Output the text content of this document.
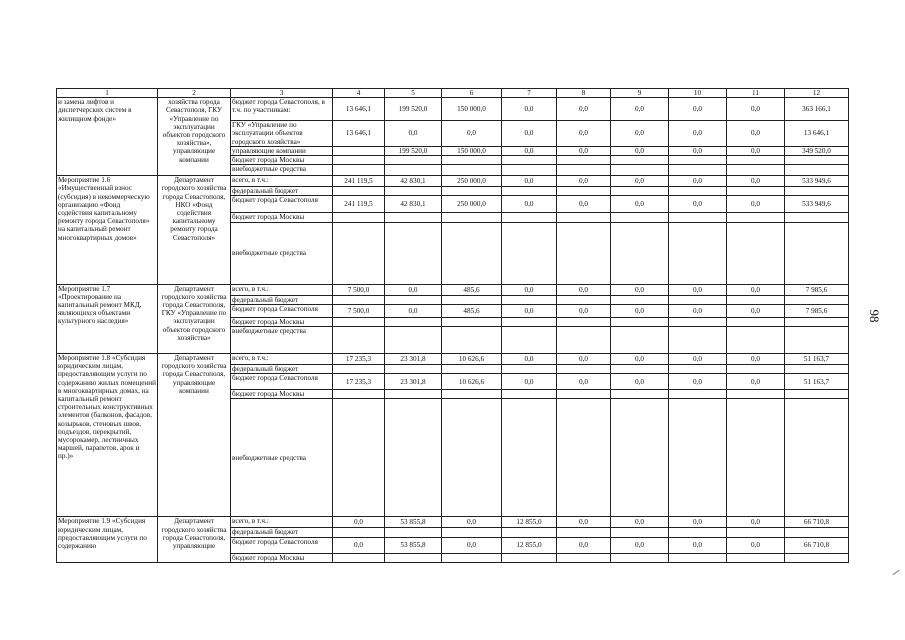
1	2	3	4	5	6	7	8	9	10	11	12
и замена лифтов и диспетчерских систем в жилищном фонде»	хозяйства города Севастополя, ГКУ «Управление по эксплуатации объектов городского хозяйства», управляющие компании	бюджет города Севастополя, в т.ч. по участникам:	13 646,1	199 520,0	150 000,0	0,0	0,0	0,0	0,0	0,0	363 166,1
		ГКУ «Управление по эксплуатации объектов городского хозяйства»	13 646,1	0,0	0,0	0,0	0,0	0,0	0,0	0,0	13 646,1
		управляющие компании		199 520,0	150 000,0	0,0	0,0	0,0	0,0	0,0	349 520,0
		бюджет города Москвы									
		внебюджетные средства									
Мероприятие 1.6 «Имущественный взнос (субсидия) в некоммерческую организацию «Фонд содействия капитальному ремонту города Севастополя» на капитальный ремонт многоквартирных домов»	Департамент городского хозяйства города Севастополя, НКО «Фонд содействия капитальному ремонту города Севастополя»	всего, в т.ч.:	241 119,5	42 830,1	250 000,0	0,0	0,0	0,0	0,0	0,0	533 949,6
		федеральный бюджет									
		бюджет города Севастополя	241 119,5	42 830,1	250 000,0	0,0	0,0	0,0	0,0	0,0	533 949,6
		бюджет города Москвы									
		внебюджетные средства									
Мероприятие 1.7 «Проектирование на капитальный ремонт МКД, являющихся объектами культурного наследия»	Департамент городского хозяйства города Севастополя, ГКУ «Управление по эксплуатации объектов городского хозяйства»	всего, в т.ч.:	7 500,0	0,0	485,6	0,0	0,0	0,0	0,0	0,0	7 985,6
		федеральный бюджет									
		бюджет города Севастополя	7 500,0	0,0	485,6	0,0	0,0	0,0	0,0	0,0	7 985,6
		бюджет города Москвы									
		внебюджетные средства									
Мероприятие 1.8 «Субсидия юридическим лицам, предоставляющим услуги по содержанию жилых помещений в многоквартирных домах, на капитальный ремонт строительных конструктивных элементов (балконов, фасадов, козырьков, стеновых швов, подъездов, перекрытий, мусорокамер, лестничных маршей, парапетов, арок и пр.)»	Департамент городского хозяйства города Севастополя, управляющие компании	всего, в т.ч.:	17 235,3	23 301,8	10 626,6	0,0	0,0	0,0	0,0	0,0	51 163,7
		федеральный бюджет									
		бюджет города Севастополя	17 235,3	23 301,8	10 626,6	0,0	0,0	0,0	0,0	0,0	51 163,7
		бюджет города Москвы									
		внебюджетные средства									
Мероприятие 1.9 «Субсидия юридическим лицам, предоставляющим услуги по содержанию	Департамент городского хозяйства города Севастополя, управляющие	всего, в т.ч.:	0,0	53 855,8	0,0	12 855,0	0,0	0,0	0,0	0,0	66 710,8
		федеральный бюджет									
		бюджет города Севастополя	0,0	53 855,8	0,0	12 855,0	0,0	0,0	0,0	0,0	66 710,8
		бюджет города Москвы									
98
